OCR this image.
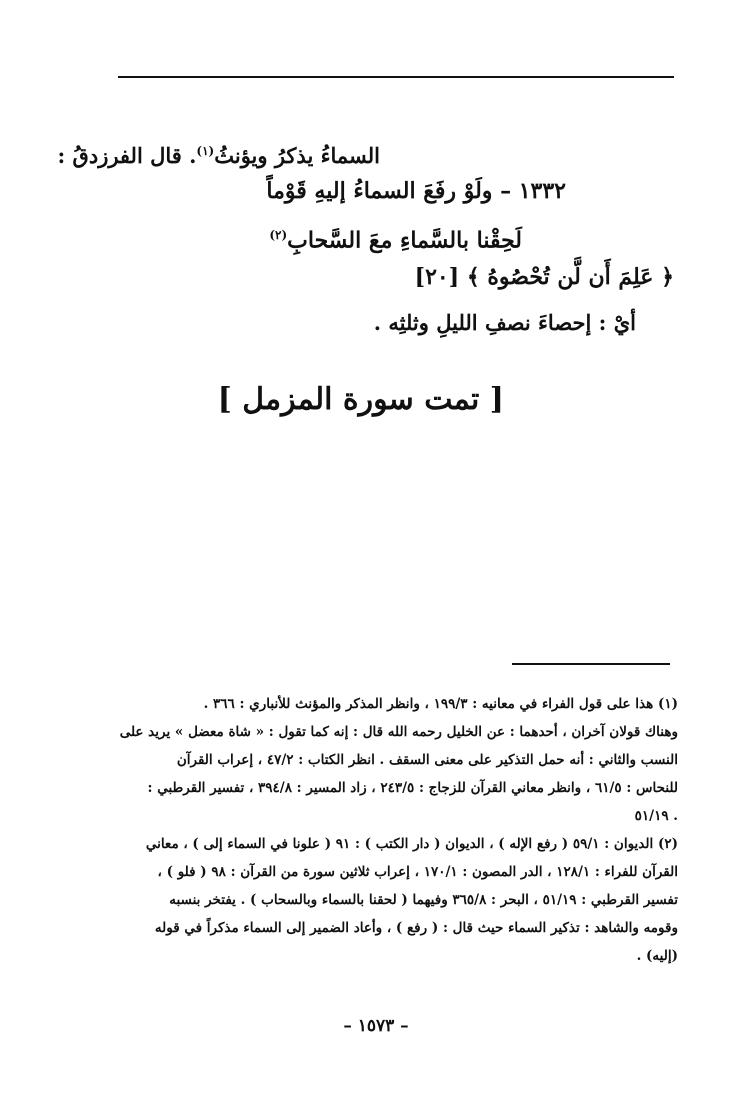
السماءُ يذكرُ ويؤنثُ$^{(١)}$. قال الفرزدقُ :
١٣٣٢ – ولَوْ رفَعَ السماءُ إليهِ قَوْماً
لَحِقْنا بالسَّماءِ معَ السَّحابِ$^{(٢)}$
﴿ عَلِمَ أَن لَّن تُحْصُوهُ ﴾ [٢٠]
أيْ : إحصاءَ نصفِ الليلِ وثلثِه .
[ تمت سورة المزمل ]
(١) هذا على قول الفراء في معانيه : ١٩٩/٣ ، وانظر المذكر والمؤنث للأنباري : ٣٦٦ .
وهناك قولان آخران ، أحدهما : عن الخليل رحمه الله قال : إنه كما تقول : « شاة معضل » يريد على
النسب والثاني : أنه حمل التذكير على معنى السقف . انظر الكتاب : ٤٧/٢ ، إعراب القرآن
للنحاس : ٦١/٥ ، وانظر معاني القرآن للزجاج : ٢٤٣/٥ ، زاد المسير : ٣٩٤/٨ ، تفسير القرطبي :
٥١/١٩ .
(٢) الديوان : ٥٩/١ ( رفع الإله ) ، الديوان ( دار الكتب ) : ٩١ ( علونا في السماء إلى ) ، معاني
القرآن للفراء : ١٢٨/١ ، الدر المصون : ١٧٠/١ ، إعراب ثلاثين سورة من القرآن : ٩٨ ( فلو ) ،
تفسير القرطبي : ٥١/١٩ ، البحر : ٣٦٥/٨ وفيهما ( لحقنا بالسماء وبالسحاب ) . يفتخر بنسبه
وقومه والشاهد : تذكير السماء حيث قال : ( رفع ) ، وأعاد الضمير إلى السماء مذكراً في قوله
(إليه) .
– ١٥٧٣ –
